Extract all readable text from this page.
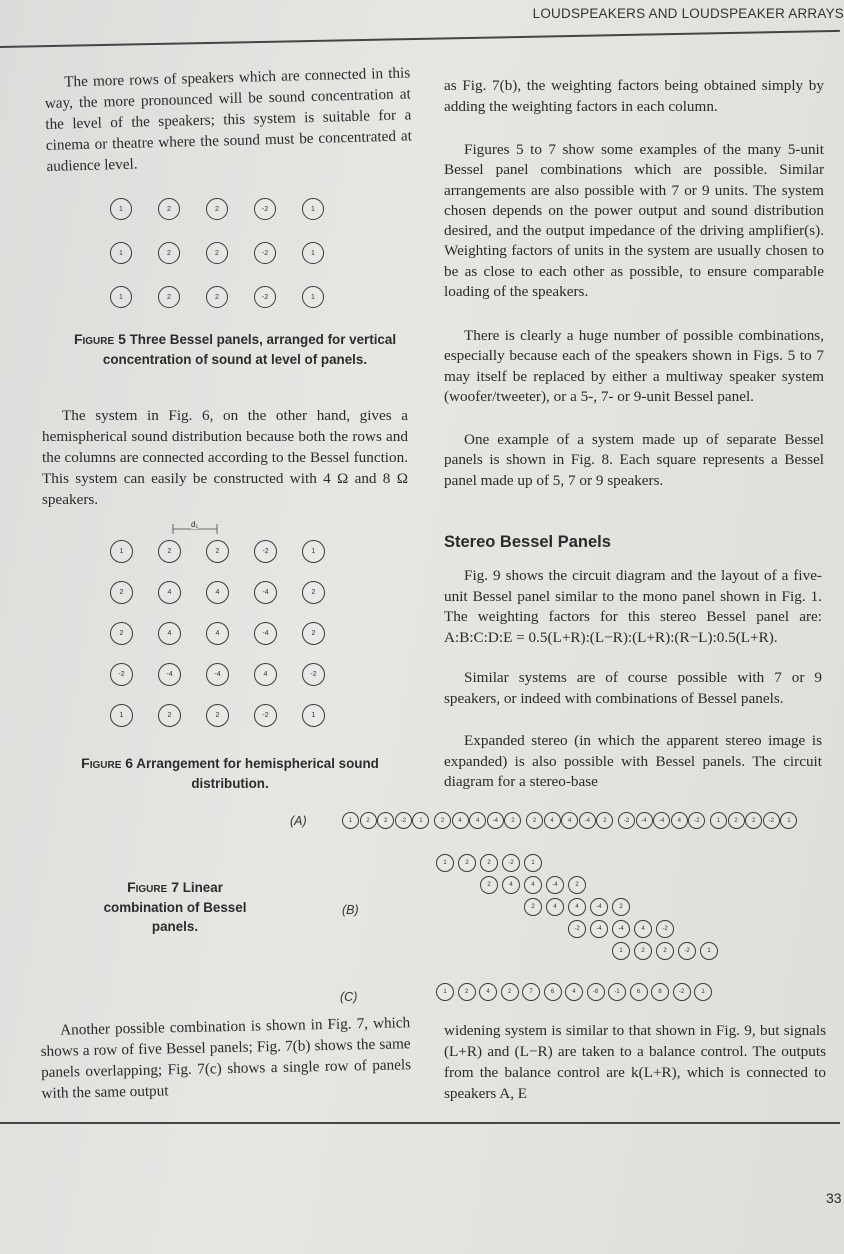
LOUDSPEAKERS AND LOUDSPEAKER ARRAYS
The more rows of speakers which are connected in this way, the more pronounced will be sound concentration at the level of the speakers; this system is suitable for a cinema or theatre where the sound must be concentrated at audience level.
1	2	2	-2	1
1	2	2	-2	1
1	2	2	-2	1
Figure 5 Three Bessel panels, arranged for vertical concentration of sound at level of panels.
The system in Fig. 6, on the other hand, gives a hemispherical sound distribution because both the rows and the columns are connected according to the Bessel function. This system can easily be constructed with 4 Ω and 8 Ω speakers.
d₁
1	2	2	-2	1
2	4	4	-4	2
2	4	4	-4	2
-2	-4	-4	4	-2
1	2	2	-2	1
Figure 6 Arrangement for hemispherical sound distribution.
(A)	1	2	2	-2	1	2	4	4	-4	2	2	4	4	-4	2	-2	-4	-4	4	-2	1	2	2	-2	1
Figure 7 Linear combination of Bessel panels.
(B)
1	2	2	-2	1
2	4	4	-4	2
2	4	4	-4	2
-2	-4	-4	4	-2
1	2	2	-2	1
(C)	1	2	4	2	7	6	4	-8	-1	6	8	-2	1
Another possible combination is shown in Fig. 7, which shows a row of five Bessel panels; Fig. 7(b) shows the same panels overlapping; Fig. 7(c) shows a single row of panels with the same output
as Fig. 7(b), the weighting factors being obtained simply by adding the weighting factors in each column.
Figures 5 to 7 show some examples of the many 5-unit Bessel panel combinations which are possible. Similar arrangements are also possible with 7 or 9 units. The system chosen depends on the power output and sound distribution desired, and the output impedance of the driving amplifier(s). Weighting factors of units in the system are usually chosen to be as close to each other as possible, to ensure comparable loading of the speakers.
There is clearly a huge number of possible combinations, especially because each of the speakers shown in Figs. 5 to 7 may itself be replaced by either a multiway speaker system (woofer/tweeter), or a 5-, 7- or 9-unit Bessel panel.
One example of a system made up of separate Bessel panels is shown in Fig. 8. Each square represents a Bessel panel made up of 5, 7 or 9 speakers.
Stereo Bessel Panels
Fig. 9 shows the circuit diagram and the layout of a five-unit Bessel panel similar to the mono panel shown in Fig. 1. The weighting factors for this stereo Bessel panel are: A:B:C:D:E = 0.5(L+R):(L−R):(L+R):(R−L):0.5(L+R).
Similar systems are of course possible with 7 or 9 speakers, or indeed with combinations of Bessel panels.
Expanded stereo (in which the apparent stereo image is expanded) is also possible with Bessel panels. The circuit diagram for a stereo-base
widening system is similar to that shown in Fig. 9, but signals (L+R) and (L−R) are taken to a balance control. The outputs from the balance control are k(L+R), which is connected to speakers A, E
33
